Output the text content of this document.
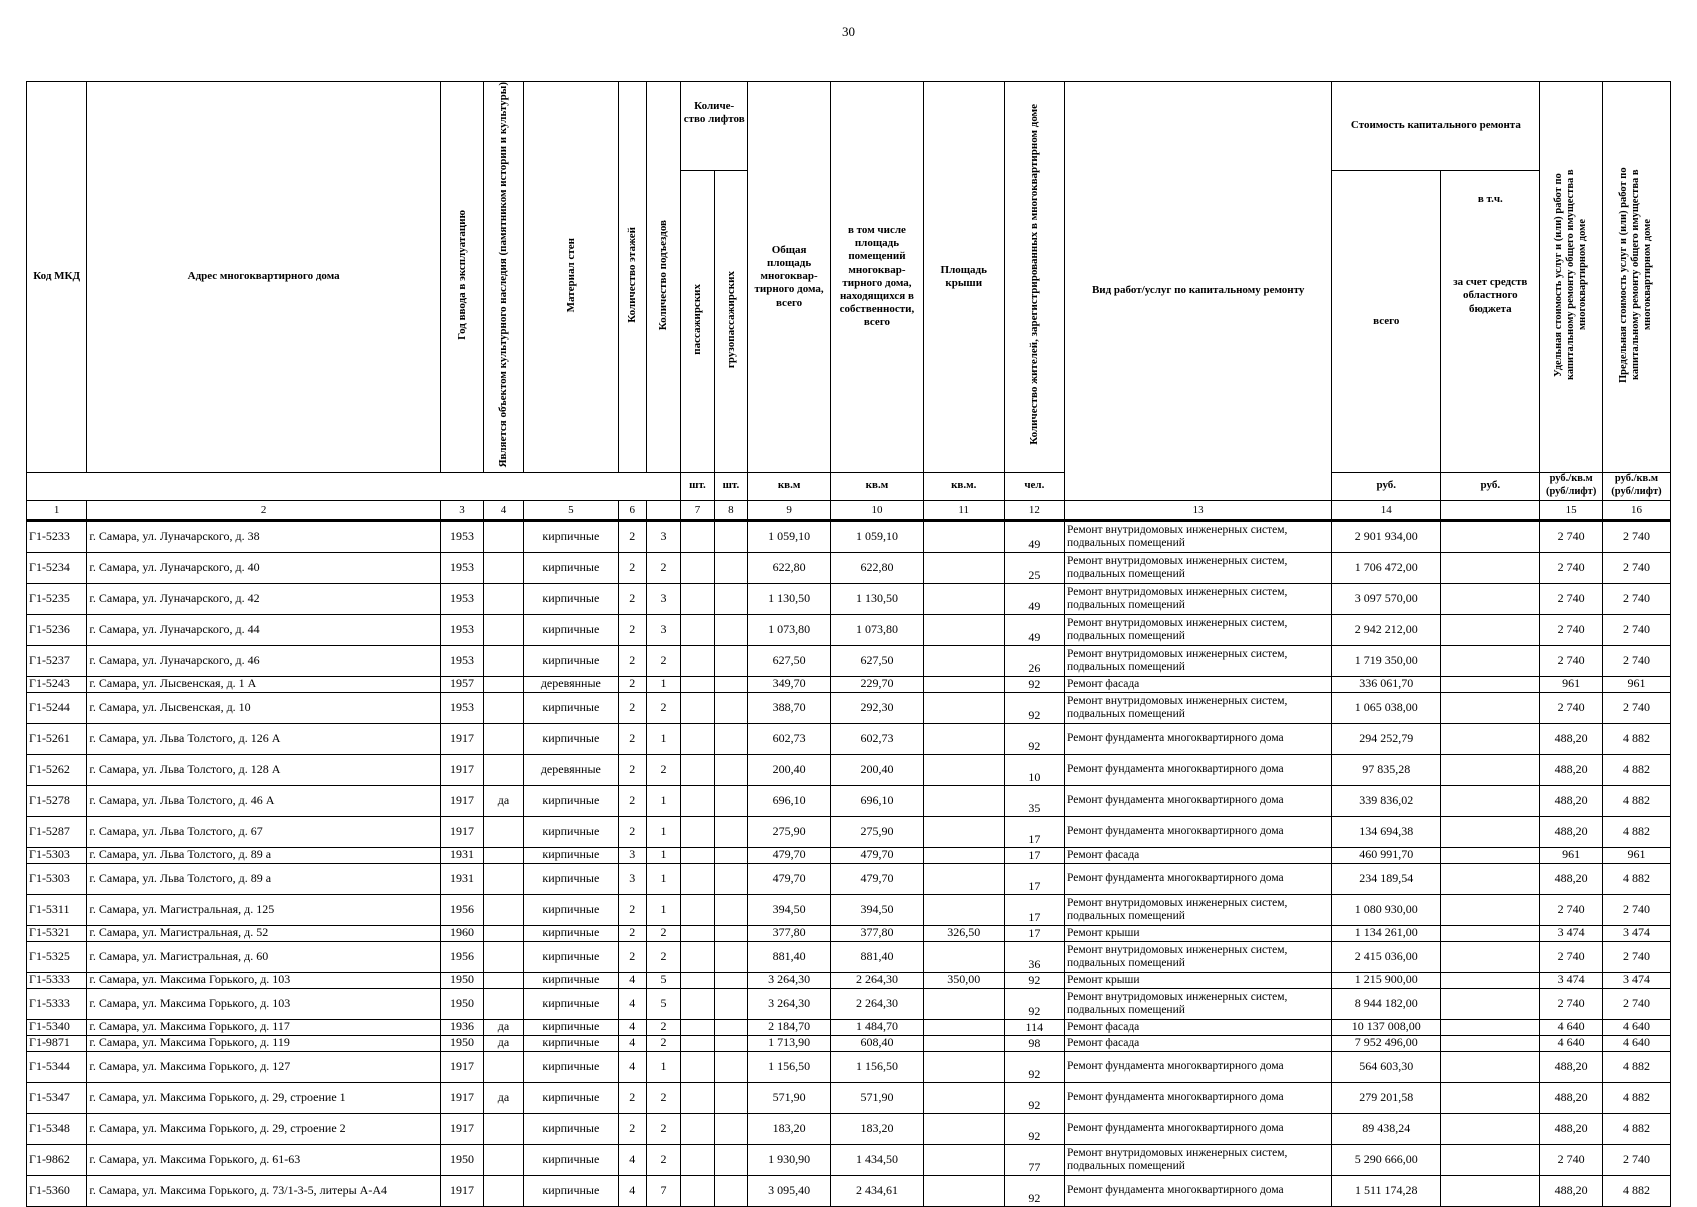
30
Код МКД	Адрес многоквартирного дома	Год ввода в эксплуатацию	Является объектом культурного наследия (памятником истории и культуры)	Материал стен	Количество этажей	Количество подъездов	Количе- ство лифтов		Общая площадь многоквар- тирного дома, всего	в том числе площадь помещений многоквар- тирного дома, находящихся в собственности, всего	Площадь крыши	Количество жителей, зарегистрированных в многоквартирном доме	Вид работ/услуг по капитальному ремонту	Стоимость капитального ремонта		Удельная стоимость услуг и (или) работ по капитальному ремонту общего имущества в многоквартирном доме	Предельная стоимость услуг и (или) работ по капитальному ремонту общего имущества в многоквартирном доме
							пассажирских	грузопассажирских						всего	в т.ч.
за счет средств областного бюджета		

							шт.	шт.	кв.м	кв.м	кв.м.	чел.		руб.	руб.	руб./кв.м (руб/лифт)	руб./кв.м (руб/лифт)
1	2	3	4	5	6		7	8	9	10	11	12	13	14		15	16
Г1-5233	г. Самара, ул. Луначарского, д. 38	1953		кирпичные	2	3			1 059,10	1 059,10		49	Ремонт внутридомовых инженерных систем, подвальных помещений	2 901 934,00		2 740	2 740
Г1-5234	г. Самара, ул. Луначарского, д. 40	1953		кирпичные	2	2			622,80	622,80		25	Ремонт внутридомовых инженерных систем, подвальных помещений	1 706 472,00		2 740	2 740
Г1-5235	г. Самара, ул. Луначарского, д. 42	1953		кирпичные	2	3			1 130,50	1 130,50		49	Ремонт внутридомовых инженерных систем, подвальных помещений	3 097 570,00		2 740	2 740
Г1-5236	г. Самара, ул. Луначарского, д. 44	1953		кирпичные	2	3			1 073,80	1 073,80		49	Ремонт внутридомовых инженерных систем, подвальных помещений	2 942 212,00		2 740	2 740
Г1-5237	г. Самара, ул. Луначарского, д. 46	1953		кирпичные	2	2			627,50	627,50		26	Ремонт внутридомовых инженерных систем, подвальных помещений	1 719 350,00		2 740	2 740
Г1-5243	г. Самара, ул. Лысвенская, д. 1 А	1957		деревянные	2	1			349,70	229,70		92	Ремонт фасада	336 061,70		961	961
Г1-5244	г. Самара, ул. Лысвенская, д. 10	1953		кирпичные	2	2			388,70	292,30		92	Ремонт внутридомовых инженерных систем, подвальных помещений	1 065 038,00		2 740	2 740
Г1-5261	г. Самара, ул. Льва Толстого, д. 126 А	1917		кирпичные	2	1			602,73	602,73		92	Ремонт фундамента многоквартирного дома	294 252,79		488,20	4 882
Г1-5262	г. Самара, ул. Льва Толстого, д. 128 А	1917		деревянные	2	2			200,40	200,40		10	Ремонт фундамента многоквартирного дома	97 835,28		488,20	4 882
Г1-5278	г. Самара, ул. Льва Толстого, д. 46 А	1917	да	кирпичные	2	1			696,10	696,10		35	Ремонт фундамента многоквартирного дома	339 836,02		488,20	4 882
Г1-5287	г. Самара, ул. Льва Толстого, д. 67	1917		кирпичные	2	1			275,90	275,90		17	Ремонт фундамента многоквартирного дома	134 694,38		488,20	4 882
Г1-5303	г. Самара, ул. Льва Толстого, д. 89 а	1931		кирпичные	3	1			479,70	479,70		17	Ремонт фасада	460 991,70		961	961
Г1-5303	г. Самара, ул. Льва Толстого, д. 89 а	1931		кирпичные	3	1			479,70	479,70		17	Ремонт фундамента многоквартирного дома	234 189,54		488,20	4 882
Г1-5311	г. Самара, ул. Магистральная, д. 125	1956		кирпичные	2	1			394,50	394,50		17	Ремонт внутридомовых инженерных систем, подвальных помещений	1 080 930,00		2 740	2 740
Г1-5321	г. Самара, ул. Магистральная, д. 52	1960		кирпичные	2	2			377,80	377,80	326,50	17	Ремонт крыши	1 134 261,00		3 474	3 474
Г1-5325	г. Самара, ул. Магистральная, д. 60	1956		кирпичные	2	2			881,40	881,40		36	Ремонт внутридомовых инженерных систем, подвальных помещений	2 415 036,00		2 740	2 740
Г1-5333	г. Самара, ул. Максима Горького, д. 103	1950		кирпичные	4	5			3 264,30	2 264,30	350,00	92	Ремонт крыши	1 215 900,00		3 474	3 474
Г1-5333	г. Самара, ул. Максима Горького, д. 103	1950		кирпичные	4	5			3 264,30	2 264,30		92	Ремонт внутридомовых инженерных систем, подвальных помещений	8 944 182,00		2 740	2 740
Г1-5340	г. Самара, ул. Максима Горького, д. 117	1936	да	кирпичные	4	2			2 184,70	1 484,70		114	Ремонт фасада	10 137 008,00		4 640	4 640
Г1-9871	г. Самара, ул. Максима Горького, д. 119	1950	да	кирпичные	4	2			1 713,90	608,40		98	Ремонт фасада	7 952 496,00		4 640	4 640
Г1-5344	г. Самара, ул. Максима Горького, д. 127	1917		кирпичные	4	1			1 156,50	1 156,50		92	Ремонт фундамента многоквартирного дома	564 603,30		488,20	4 882
Г1-5347	г. Самара, ул. Максима Горького, д. 29, строение 1	1917	да	кирпичные	2	2			571,90	571,90		92	Ремонт фундамента многоквартирного дома	279 201,58		488,20	4 882
Г1-5348	г. Самара, ул. Максима Горького, д. 29, строение 2	1917		кирпичные	2	2			183,20	183,20		92	Ремонт фундамента многоквартирного дома	89 438,24		488,20	4 882
Г1-9862	г. Самара, ул. Максима Горького, д. 61-63	1950		кирпичные	4	2			1 930,90	1 434,50		77	Ремонт внутридомовых инженерных систем, подвальных помещений	5 290 666,00		2 740	2 740
Г1-5360	г. Самара, ул. Максима Горького, д. 73/1-3-5, литеры А-А4	1917		кирпичные	4	7			3 095,40	2 434,61		92	Ремонт фундамента многоквартирного дома	1 511 174,28		488,20	4 882
